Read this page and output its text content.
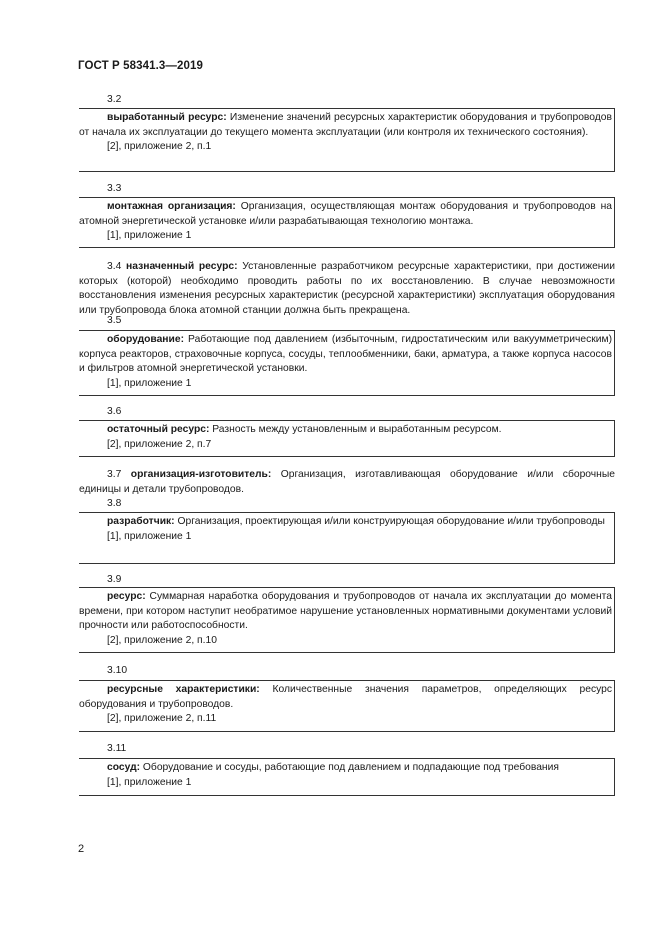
ГОСТ Р 58341.3—2019
3.2
выработанный ресурс: Изменение значений ресурсных характеристик оборудования и трубопроводов от начала их эксплуатации до текущего момента эксплуатации (или контроля их технического состояния).
[2], приложение 2, п.1
3.3
монтажная организация: Организация, осуществляющая монтаж оборудования и трубопроводов на атомной энергетической установке и/или разрабатывающая технологию монтажа.
[1], приложение 1
3.4 назначенный ресурс: Установленные разработчиком ресурсные характеристики, при достижении которых (которой) необходимо проводить работы по их восстановлению. В случае невозможности восстановления изменения ресурсных характеристик (ресурсной характеристики) эксплуатация оборудования или трубопровода блока атомной станции должна быть прекращена.
3.5
оборудование: Работающие под давлением (избыточным, гидростатическим или вакуумметрическим) корпуса реакторов, страховочные корпуса, сосуды, теплообменники, баки, арматура, а также корпуса насосов и фильтров атомной энергетической установки.
[1], приложение 1
3.6
остаточный ресурс: Разность между установленным и выработанным ресурсом.
[2], приложение 2, п.7
3.7 организация-изготовитель: Организация, изготавливающая оборудование и/или сборочные единицы и детали трубопроводов.
3.8
разработчик: Организация, проектирующая и/или конструирующая оборудование и/или трубопроводы
[1], приложение 1
3.9
ресурс: Суммарная наработка оборудования и трубопроводов от начала их эксплуатации до момента времени, при котором наступит необратимое нарушение установленных нормативными документами условий прочности или работоспособности.
[2], приложение 2, п.10
3.10
ресурсные характеристики: Количественные значения параметров, определяющих ресурс оборудования и трубопроводов.
[2], приложение 2, п.11
3.11
сосуд: Оборудование и сосуды, работающие под давлением и подпадающие под требования
[1], приложение 1
2
